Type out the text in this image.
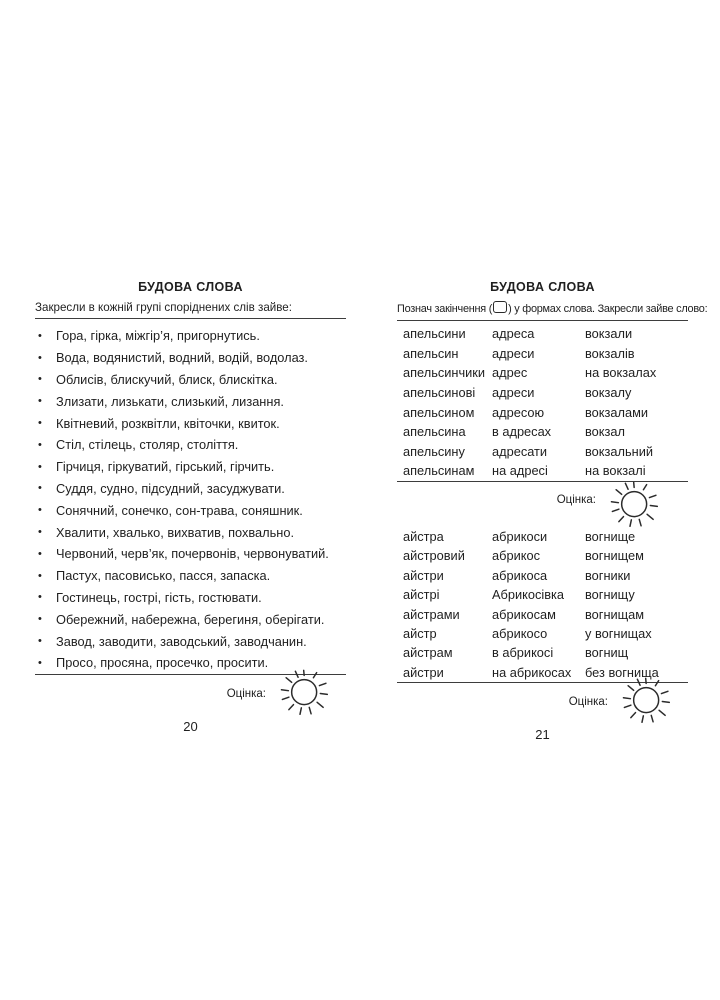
БУДОВА СЛОВА

Закресли в кожній групі споріднених слів зайве:

•	Гора, гірка, міжгір’я, пригорнутись.
•	Вода, водянистий, водний, водій, водолаз.
•	Облисів, блискучий, блиск, блискітка.
•	Злизати, лизькати, слизький, лизання.
•	Квітневий, розквітли, квіточки, квиток.
•	Стіл, стілець, столяр, століття.
•	Гірчиця, гіркуватий, гірський, гірчить.
•	Суддя, судно, підсудний, засуджувати.
•	Сонячний, сонечко, сон-трава, соняшник.
•	Хвалити, хвалько, вихватив, похвально.
•	Червоний, черв’як, почервонів, червонуватий.
•	Пастух, пасовисько, пасся, запаска.
•	Гостинець, гострі, гість, гостювати.
•	Обережний, набережна, берегиня, оберігати.
•	Завод, заводити, заводський, заводчанин.
•	Просо, просяна, просечко, просити.
Оцінка:
20
БУДОВА СЛОВА

Познач закінчення ( ) у формах слова. Закресли зайве слово:

апельсини	адреса	вокзали
апельсин	адреси	вокзалів
апельсинчики адрес	на вокзалах
апельсинові	адреси	вокзалу
апельсином	адресою	вокзалами
апельсина	в адресах	вокзал
апельсину	адресати	вокзальний
апельсинам	на адресі	на вокзалі
Оцінка:
айстра	абрикоси	вогнище
айстровий	абрикос	вогнищем
айстри	абрикоса	вогники
айстрі	Абрикосівка	вогнищу
айстрами	абрикосам	вогнищам
айстр	абрикосо	у вогнищах
айстрам	в абрикосі	вогнищ
айстри	на абрикосах	без вогнища
Оцінка:
21
